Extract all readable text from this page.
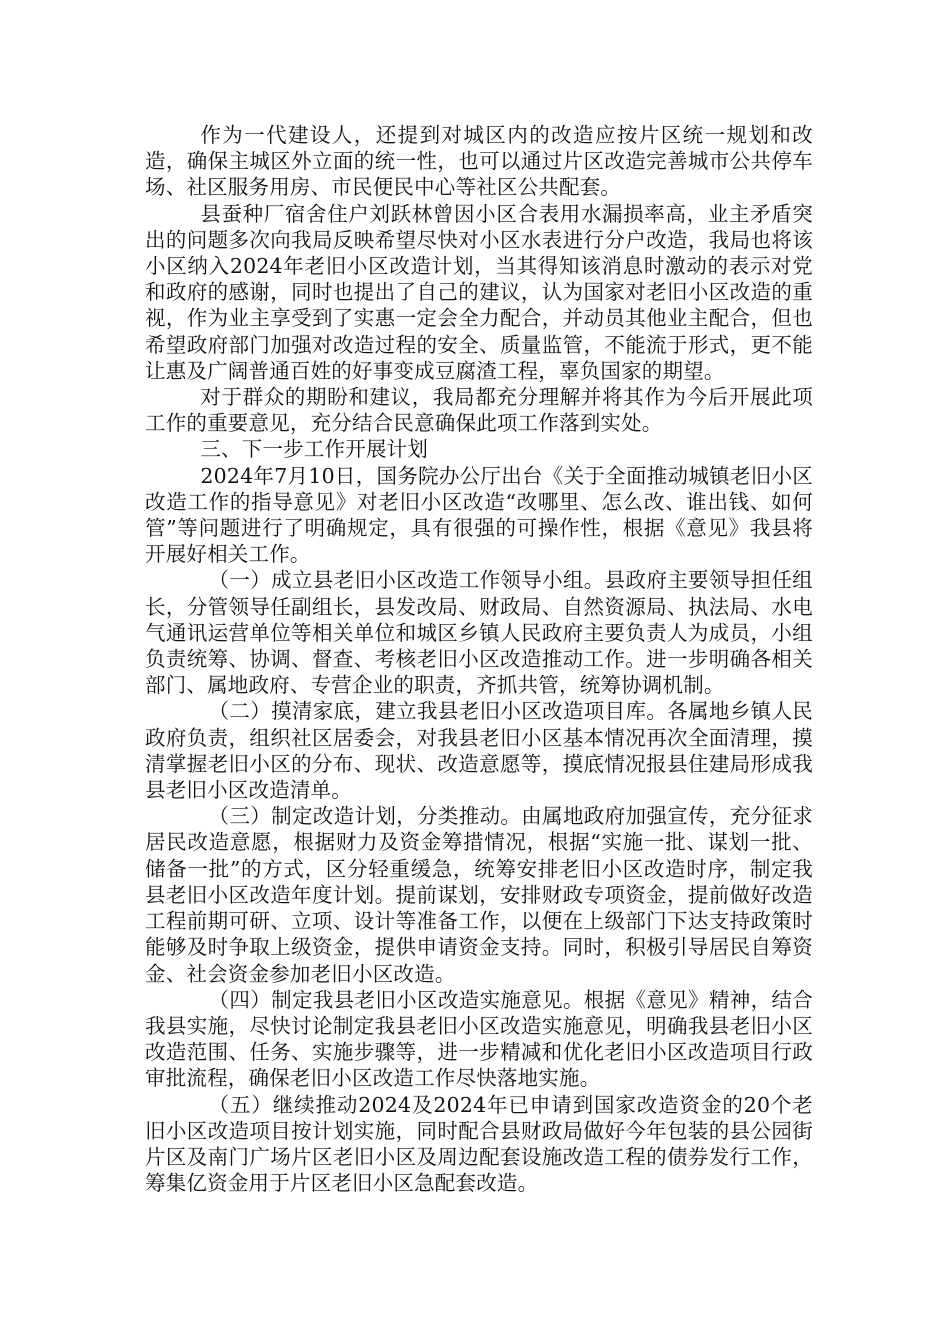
作为一代建设人，还提到对城区内的改造应按片区统一规划和改造，确保主城区外立面的统一性，也可以通过片区改造完善城市公共停车场、社区服务用房、市民便民中心等社区公共配套。

县蚕种厂宿舍住户刘跃林曾因小区合表用水漏损率高，业主矛盾突出的问题多次向我局反映希望尽快对小区水表进行分户改造，我局也将该小区纳入2024年老旧小区改造计划，当其得知该消息时激动的表示对党和政府的感谢，同时也提出了自己的建议，认为国家对老旧小区改造的重视，作为业主享受到了实惠一定会全力配合，并动员其他业主配合，但也希望政府部门加强对改造过程的安全、质量监管，不能流于形式，更不能让惠及广阔普通百姓的好事变成豆腐渣工程，辜负国家的期望。

对于群众的期盼和建议，我局都充分理解并将其作为今后开展此项工作的重要意见，充分结合民意确保此项工作落到实处。

三、下一步工作开展计划

2024年7月10日，国务院办公厅出台《关于全面推动城镇老旧小区改造工作的指导意见》对老旧小区改造“改哪里、怎么改、谁出钱、如何管”等问题进行了明确规定，具有很强的可操作性，根据《意见》我县将开展好相关工作。

（一）成立县老旧小区改造工作领导小组。县政府主要领导担任组长，分管领导任副组长，县发改局、财政局、自然资源局、执法局、水电气通讯运营单位等相关单位和城区乡镇人民政府主要负责人为成员，小组负责统筹、协调、督查、考核老旧小区改造推动工作。进一步明确各相关部门、属地政府、专营企业的职责，齐抓共管，统筹协调机制。

（二）摸清家底，建立我县老旧小区改造项目库。各属地乡镇人民政府负责，组织社区居委会，对我县老旧小区基本情况再次全面清理，摸清掌握老旧小区的分布、现状、改造意愿等，摸底情况报县住建局形成我县老旧小区改造清单。

（三）制定改造计划，分类推动。由属地政府加强宣传，充分征求居民改造意愿，根据财力及资金筹措情况，根据“实施一批、谋划一批、储备一批”的方式，区分轻重缓急，统筹安排老旧小区改造时序，制定我县老旧小区改造年度计划。提前谋划，安排财政专项资金，提前做好改造工程前期可研、立项、设计等准备工作，以便在上级部门下达支持政策时能够及时争取上级资金，提供申请资金支持。同时，积极引导居民自筹资金、社会资金参加老旧小区改造。

（四）制定我县老旧小区改造实施意见。根据《意见》精神，结合我县实施，尽快讨论制定我县老旧小区改造实施意见，明确我县老旧小区改造范围、任务、实施步骤等，进一步精减和优化老旧小区改造项目行政审批流程，确保老旧小区改造工作尽快落地实施。

（五）继续推动2024及2024年已申请到国家改造资金的20个老旧小区改造项目按计划实施，同时配合县财政局做好今年包装的县公园街片区及南门广场片区老旧小区及周边配套设施改造工程的债券发行工作，筹集亿资金用于片区老旧小区急配套改造。
